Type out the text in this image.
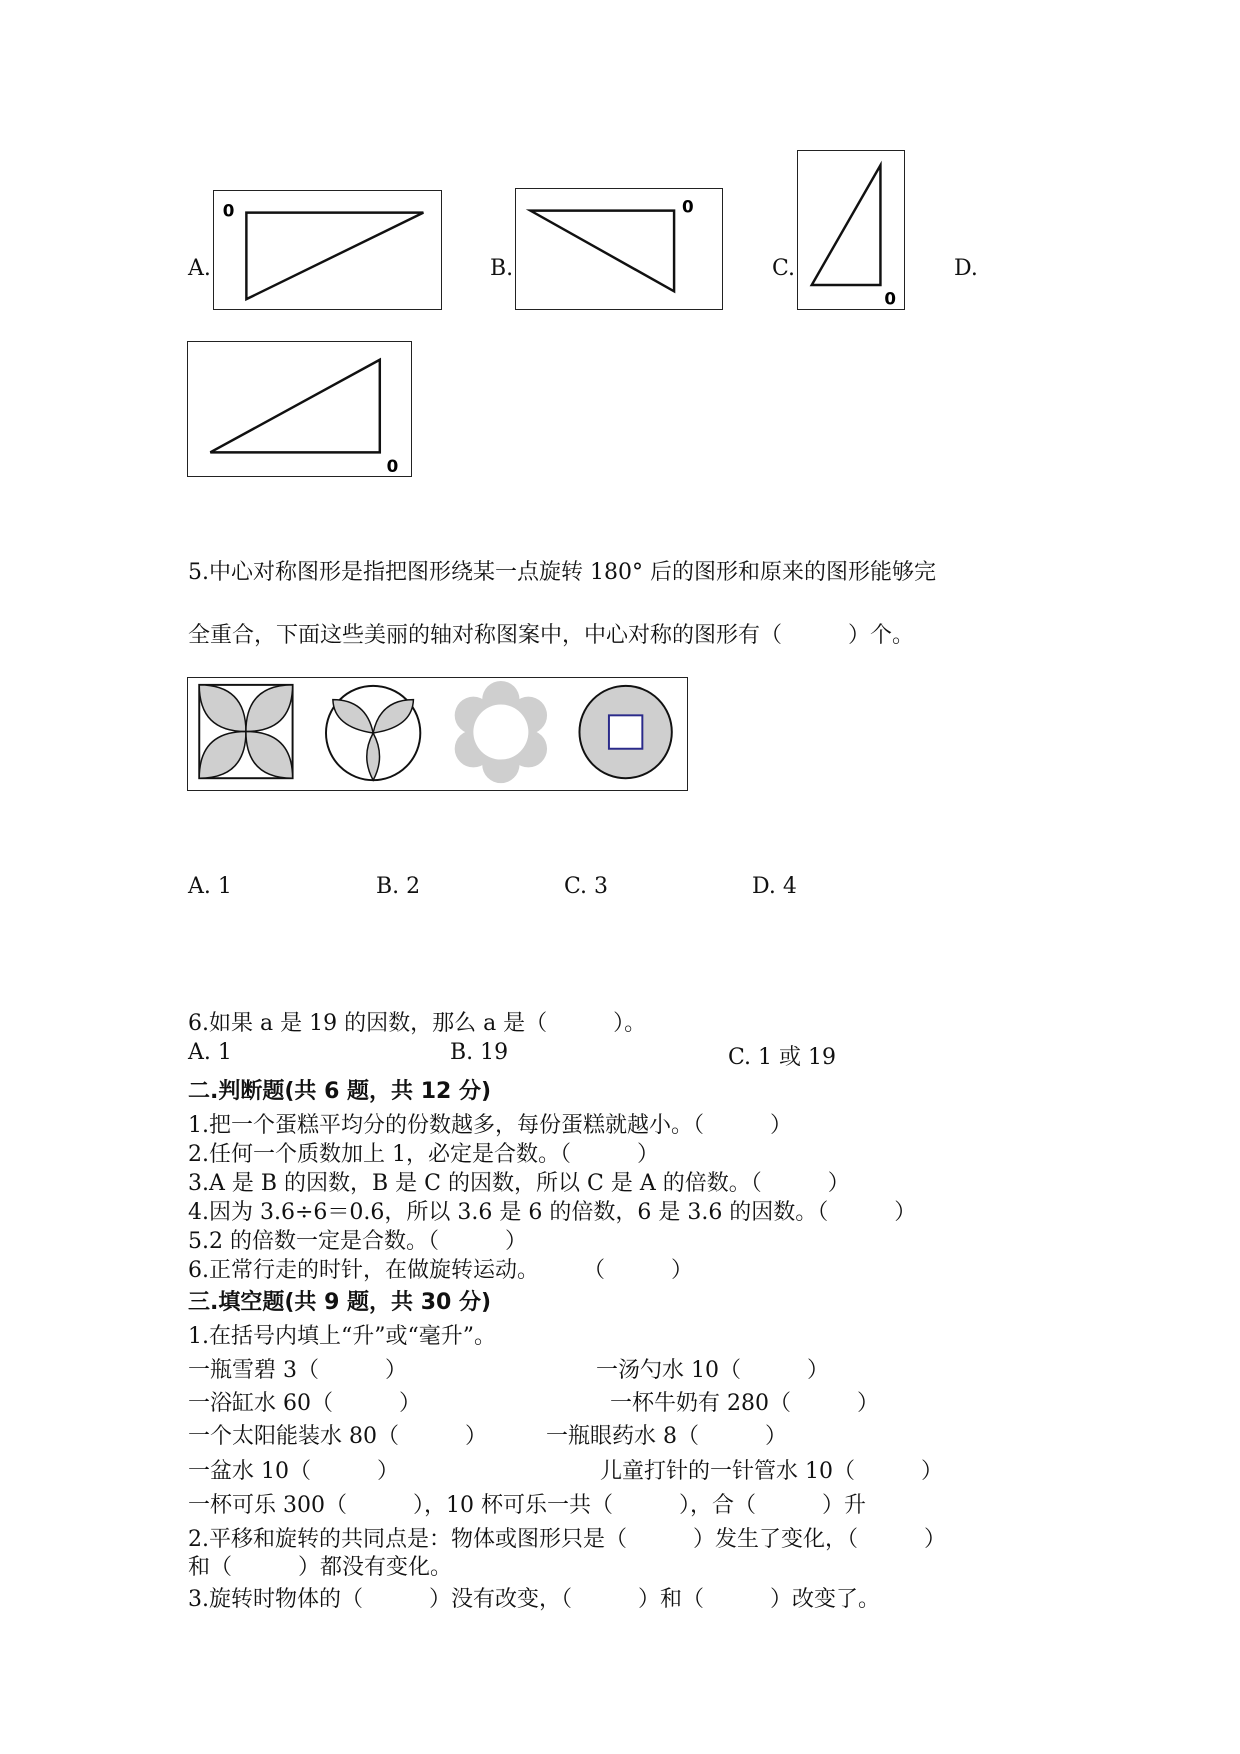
A.
0
B.
0
C.
0
D.
0
5.中心对称图形是指把图形绕某一点旋转 180° 后的图形和原来的图形能够完
全重合，下面这些美丽的轴对称图案中，中心对称的图形有（　　　）个。
A. 1	B. 2	C. 3	D. 4
6.如果 a 是 19 的因数，那么 a 是（　　　）。
A. 1	B. 19	C. 1 或 19
二.判断题(共 6 题，共 12 分)
1.把一个蛋糕平均分的份数越多，每份蛋糕就越小。（　　　）
2.任何一个质数加上 1，必定是合数。（　　　）
3.A 是 B 的因数，B 是 C 的因数，所以 C 是 A 的倍数。（　　　）
4.因为 3.6÷6＝0.6，所以 3.6 是 6 的倍数，6 是 3.6 的因数。（　　　）
5.2 的倍数一定是合数。（　　　）
6.正常行走的时针，在做旋转运动。　　　（　　　）
三.填空题(共 9 题，共 30 分)
1.在括号内填上“升”或“毫升”。
一瓶雪碧 3（　　　）	一汤勺水 10（　　　）
一浴缸水 60（　　　）	一杯牛奶有 280（　　　）
一个太阳能装水 80（　　　）	一瓶眼药水 8（　　　）
一盆水 10（　　　）	儿童打针的一针管水 10（　　　）
一杯可乐 300（　　　），10 杯可乐一共（　　　），合（　　　）升
2.平移和旋转的共同点是：物体或图形只是（　　　）发生了变化，（　　　）
和（　　　）都没有变化。
3.旋转时物体的（　　　）没有改变，（　　　）和（　　　）改变了。
